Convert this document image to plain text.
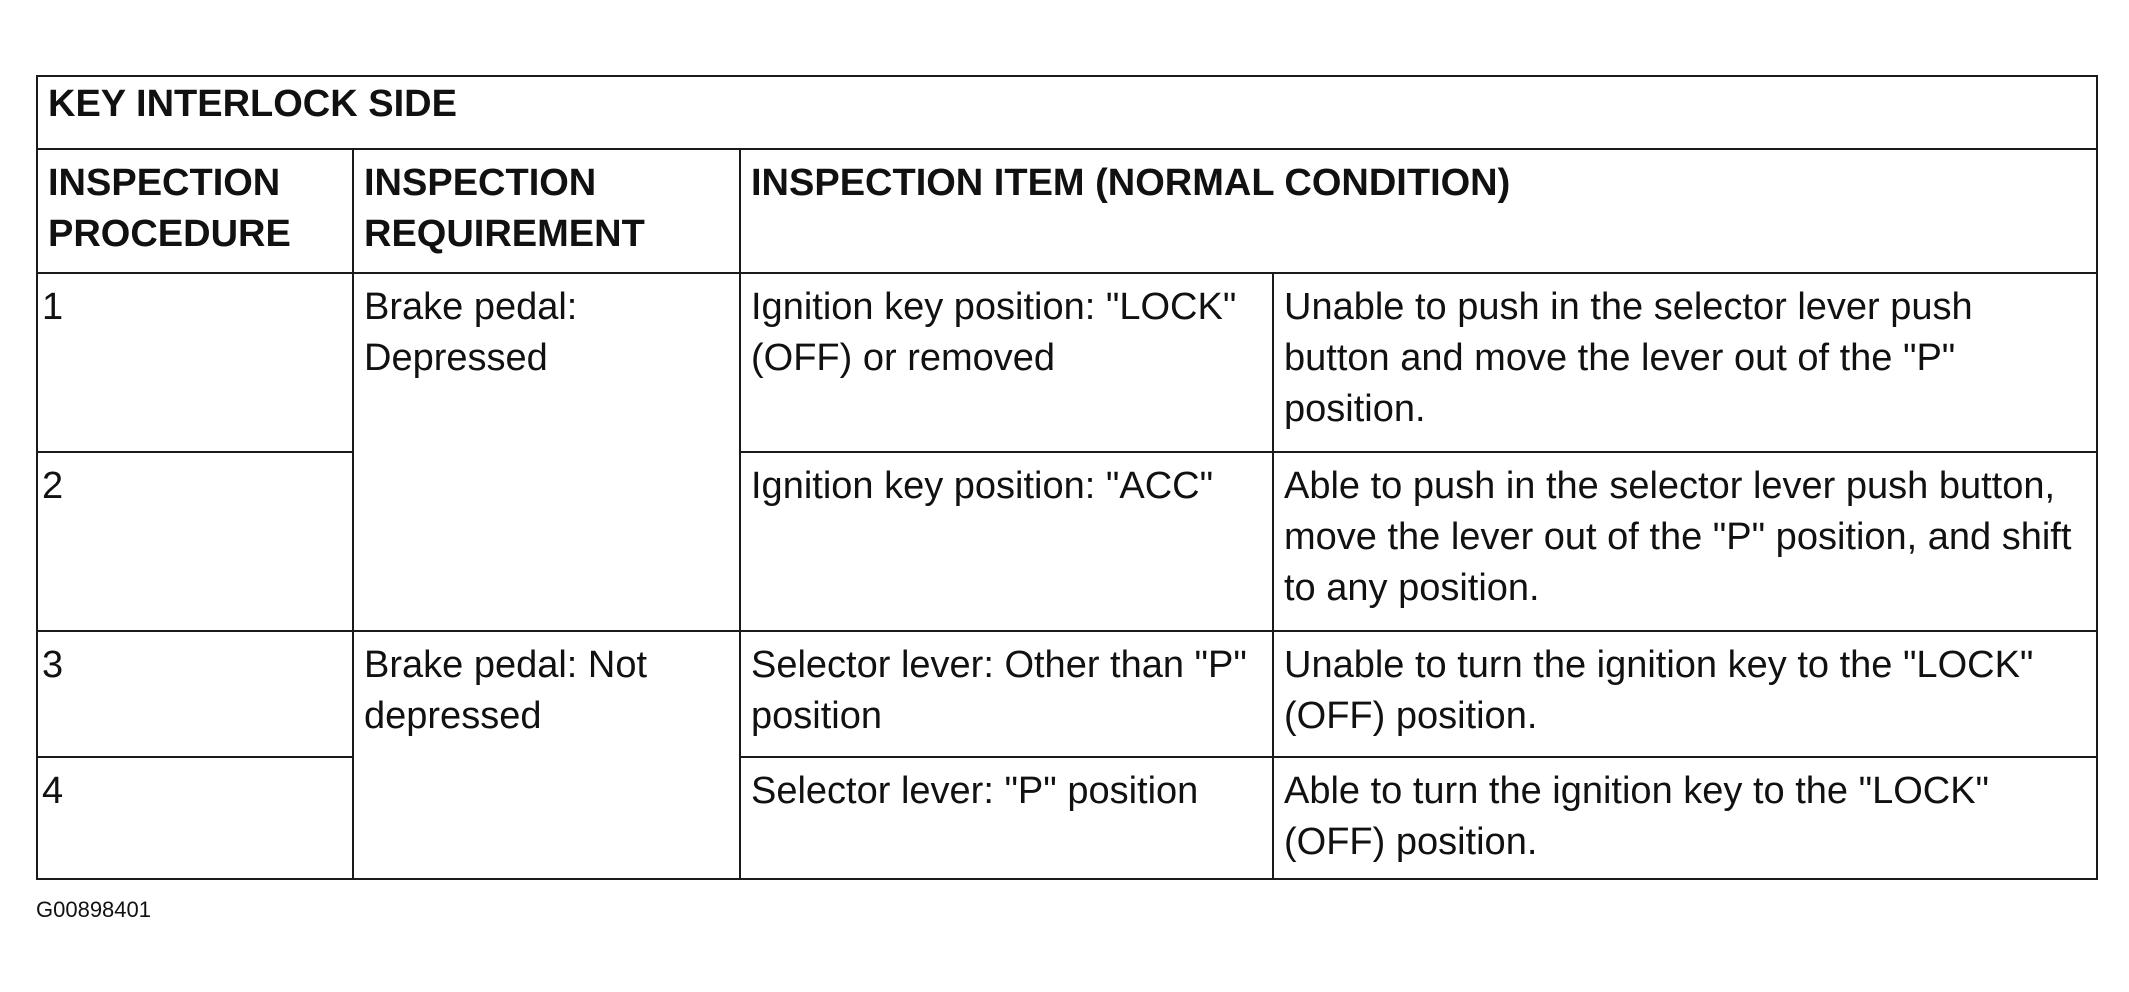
KEY INTERLOCK SIDE			
INSPECTION PROCEDURE	INSPECTION REQUIREMENT	INSPECTION ITEM (NORMAL CONDITION)	
1	Brake pedal: Depressed	Ignition key position: "LOCK" (OFF) or removed	Unable to push in the selector lever push button and move the lever out of the "P" position.
2		Ignition key position: "ACC"	Able to push in the selector lever push button, move the lever out of the "P" position, and shift to any position.
3	Brake pedal: Not depressed	Selector lever: Other than "P" position	Unable to turn the ignition key to the "LOCK" (OFF) position.
4		Selector lever: "P" position	Able to turn the ignition key to the "LOCK" (OFF) position.
G00898401
